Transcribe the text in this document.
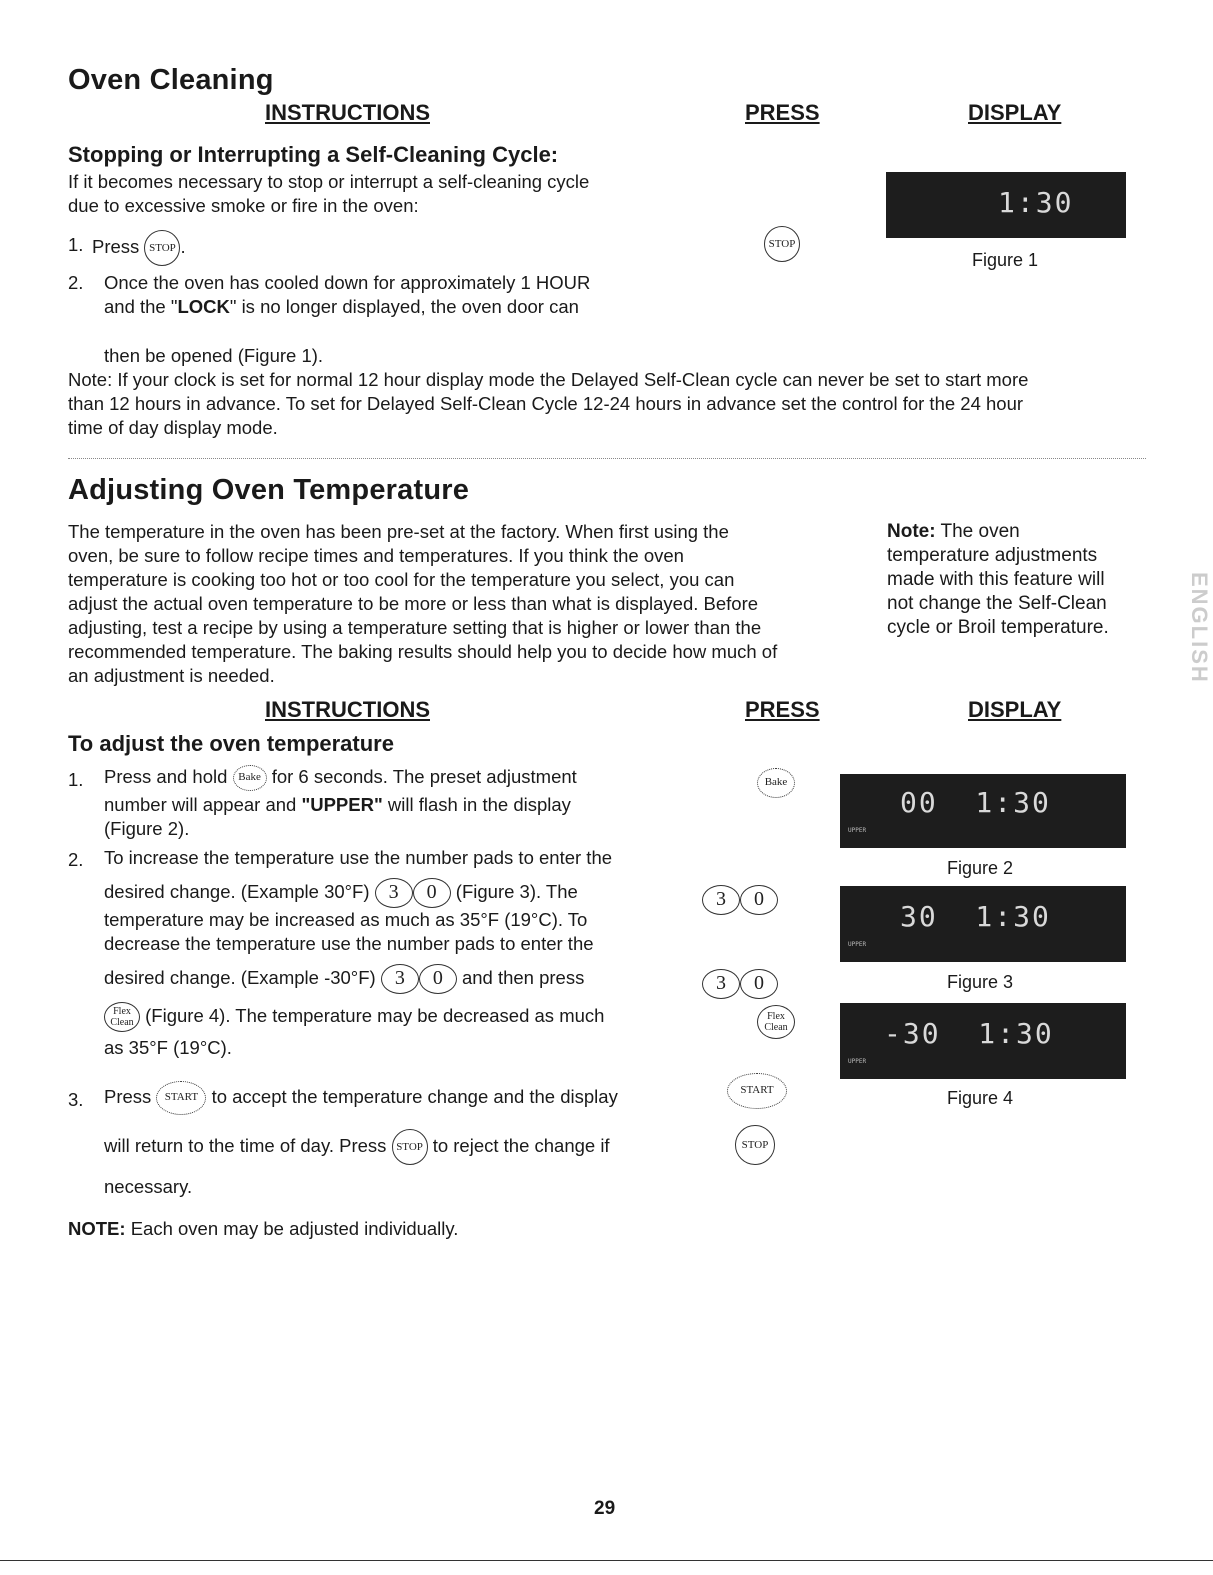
Oven Cleaning
INSTRUCTIONS	PRESS	DISPLAY
Stopping or Interrupting a Self-Cleaning Cycle:
If it becomes necessary to stop or interrupt a self-cleaning cycle
due to excessive smoke or fire in the oven:
1. Press STOP .
2. Once the oven has cooled down for approximately 1 HOUR
and the "LOCK" is no longer displayed, the oven door can
then be opened (Figure 1).
Note: If your clock is set for normal 12 hour display mode the Delayed Self-Clean cycle can never be set to start more
than 12 hours in advance. To set for Delayed Self-Clean Cycle 12-24 hours in advance set the control for the 24 hour
time of day display mode.
STOP
1:30
Figure 1
Adjusting Oven Temperature
The temperature in the oven has been pre-set at the factory. When first using the
oven, be sure to follow recipe times and temperatures. If you think the oven
temperature is cooking too hot or too cool for the temperature you select, you can
adjust the actual oven temperature to be more or less than what is displayed. Before
adjusting, test a recipe by using a temperature setting that is higher or lower than the
recommended temperature. The baking results should help you to decide how much of
an adjustment is needed.
Note: The oven
temperature adjustments
made with this feature will
not change the Self-Clean
cycle or Broil temperature.	ENGLISH
INSTRUCTIONS	PRESS	DISPLAY
To adjust the oven temperature
1. Press and hold Bake for 6 seconds. The preset adjustment
number will appear and "UPPER" will flash in the display
(Figure 2).
2. To increase the temperature use the number pads to enter the
desired change. (Example 30°F) 3 0 (Figure 3). The
temperature may be increased as much as 35°F (19°C). To
decrease the temperature use the number pads to enter the
desired change. (Example -30°F) 3 0 and then press
Flex
Clean (Figure 4). The temperature may be decreased as much
as 35°F (19°C).
3. Press START to accept the temperature change and the display
will return to the time of day. Press STOP to reject the change if
necessary.
NOTE: Each oven may be adjusted individually.
Bake
3 0
3 0
Flex
Clean
START
STOP
UPPER
00  1:30
Figure 2
UPPER
30  1:30
Figure 3
UPPER
-30  1:30
Figure 4
29
